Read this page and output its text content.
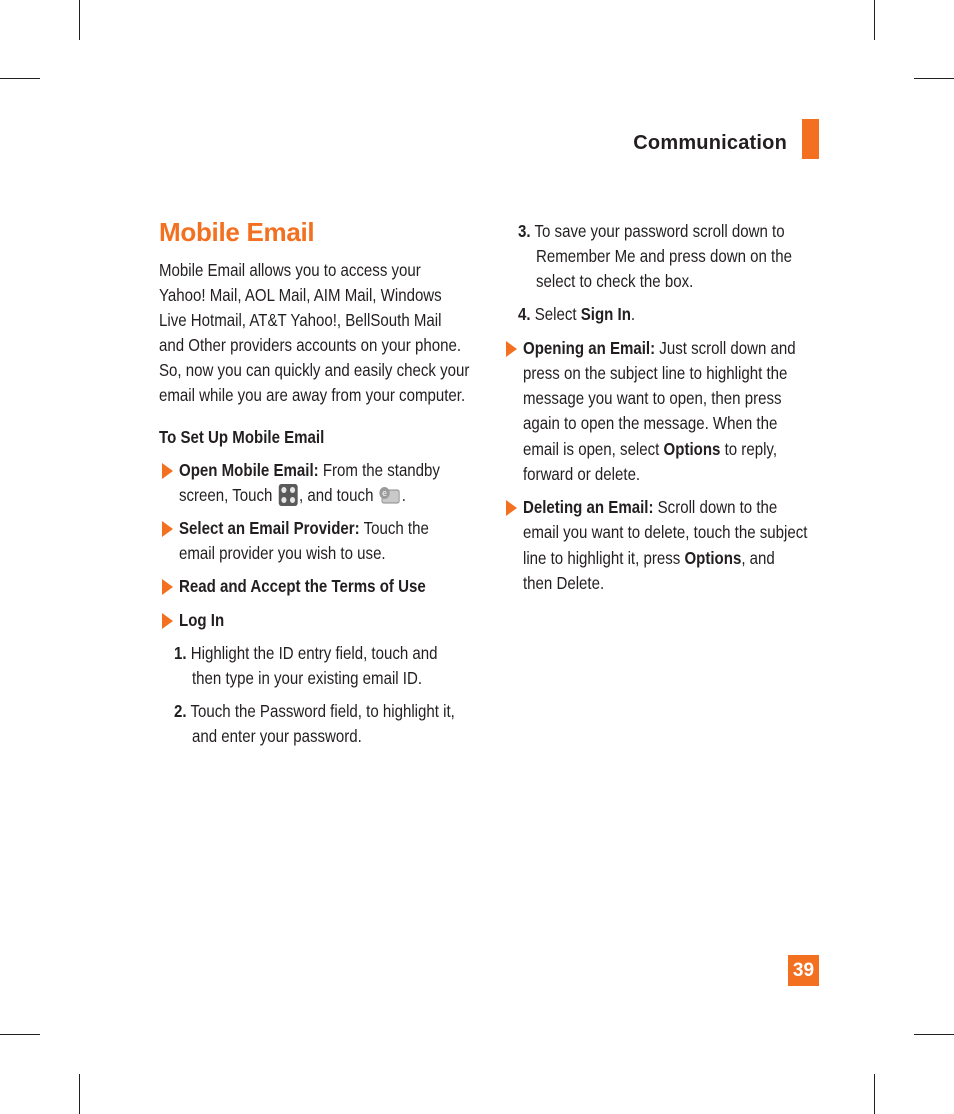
Communication
Mobile Email
Mobile Email allows you to access your
Yahoo! Mail, AOL Mail, AIM Mail, Windows
Live Hotmail, AT&T Yahoo!, BellSouth Mail
and Other providers accounts on your phone.
So, now you can quickly and easily check your
email while you are away from your computer.
To Set Up Mobile Email
Open Mobile Email: From the standby
screen, Touch
, and touch e .
Select an Email Provider: Touch the
email provider you wish to use.
Read and Accept the Terms of Use
Log In
1. Highlight the ID entry field, touch and
then type in your existing email ID.
2. Touch the Password field, to highlight it,
and enter your password.
3. To save your password scroll down to
Remember Me and press down on the
select to check the box.
4. Select Sign In.
Opening an Email: Just scroll down and
press on the subject line to highlight the
message you want to open, then press
again to open the message. When the
email is open, select Options to reply,
forward or delete.
Deleting an Email: Scroll down to the
email you want to delete, touch the subject
line to highlight it, press Options, and
then Delete.
39
